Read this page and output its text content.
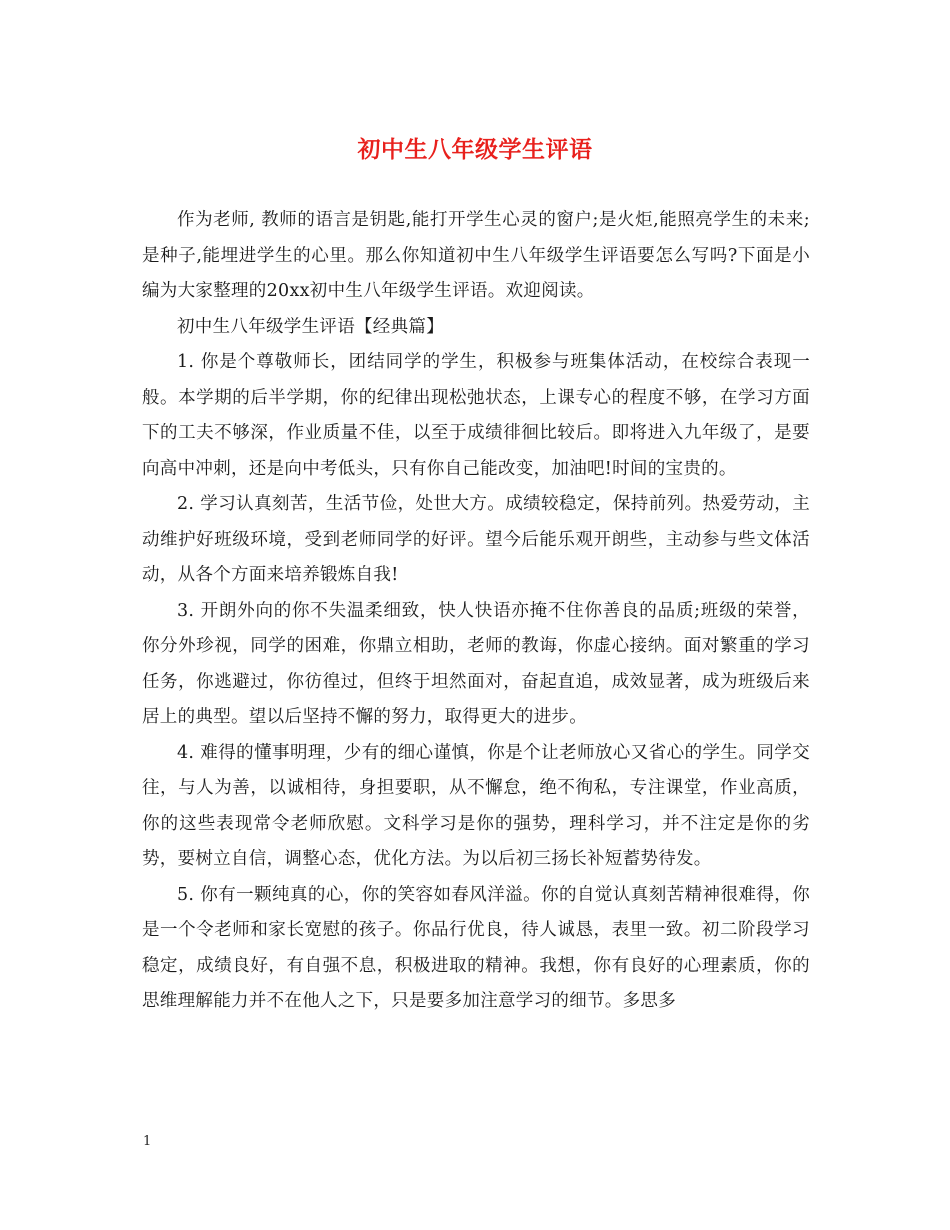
初中生八年级学生评语

作为老师, 教师的语言是钥匙,能打开学生心灵的窗户;是火炬,能照亮学生的未来;是种子,能埋进学生的心里。那么你知道初中生八年级学生评语要怎么写吗?下面是小编为大家整理的20xx初中生八年级学生评语。欢迎阅读。

初中生八年级学生评语【经典篇】

1. 你是个尊敬师长，团结同学的学生，积极参与班集体活动，在校综合表现一般。本学期的后半学期，你的纪律出现松弛状态，上课专心的程度不够，在学习方面下的工夫不够深，作业质量不佳，以至于成绩徘徊比较后。即将进入九年级了，是要向高中冲刺，还是向中考低头，只有你自己能改变，加油吧!时间的宝贵的。

2. 学习认真刻苦，生活节俭，处世大方。成绩较稳定，保持前列。热爱劳动，主动维护好班级环境，受到老师同学的好评。望今后能乐观开朗些，主动参与些文体活动，从各个方面来培养锻炼自我!

3. 开朗外向的你不失温柔细致，快人快语亦掩不住你善良的品质;班级的荣誉，你分外珍视，同学的困难，你鼎立相助，老师的教诲，你虚心接纳。面对繁重的学习任务，你逃避过，你彷徨过，但终于坦然面对，奋起直追，成效显著，成为班级后来居上的典型。望以后坚持不懈的努力，取得更大的进步。

4. 难得的懂事明理，少有的细心谨慎，你是个让老师放心又省心的学生。同学交往，与人为善，以诚相待，身担要职，从不懈怠，绝不徇私，专注课堂，作业高质，你的这些表现常令老师欣慰。文科学习是你的强势，理科学习，并不注定是你的劣势，要树立自信，调整心态，优化方法。为以后初三扬长补短蓄势待发。

5. 你有一颗纯真的心，你的笑容如春风洋溢。你的自觉认真刻苦精神很难得，你是一个令老师和家长宽慰的孩子。你品行优良，待人诚恳，表里一致。初二阶段学习稳定，成绩良好，有自强不息，积极进取的精神。我想，你有良好的心理素质，你的思维理解能力并不在他人之下，只是要多加注意学习的细节。多思多

1
